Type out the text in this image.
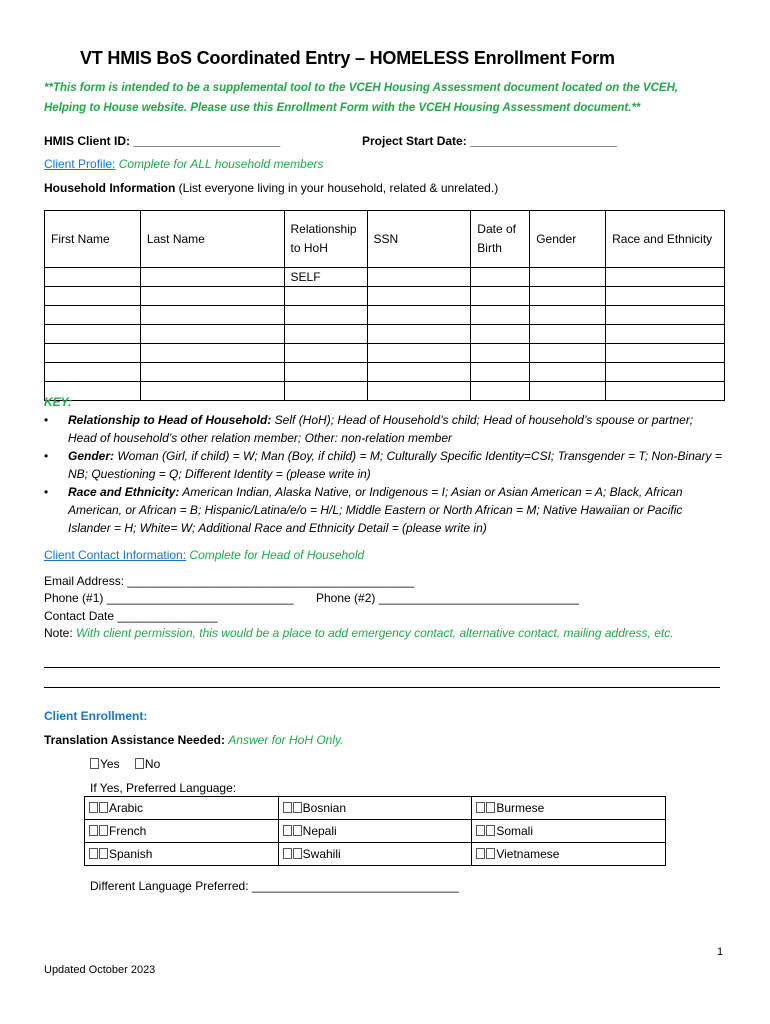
VT HMIS BoS Coordinated Entry – HOMELESS Enrollment Form
**This form is intended to be a supplemental tool to the VCEH Housing Assessment document located on the VCEH,
Helping to House website. Please use this Enrollment Form with the VCEH Housing Assessment document.**
HMIS Client ID: ______________________	Project Start Date: ______________________
Client Profile: Complete for ALL household members
Household Information (List everyone living in your household, related & unrelated.)
First Name	Last Name	Relationship to HoH	SSN	Date of Birth	Gender	Race and Ethnicity
		SELF				

KEY:
• Relationship to Head of Household: Self (HoH); Head of Household’s child; Head of household’s spouse or partner; Head of household’s other relation member; Other: non-relation member
• Gender: Woman (Girl, if child) = W; Man (Boy, if child) = M; Culturally Specific Identity=CSI; Transgender = T; Non-Binary = NB; Questioning = Q; Different Identity = (please write in)
• Race and Ethnicity: American Indian, Alaska Native, or Indigenous = I; Asian or Asian American = A; Black, African American, or African = B; Hispanic/Latina/e/o = H/L; Middle Eastern or North African = M; Native Hawaiian or Pacific Islander = H; White= W; Additional Race and Ethnicity Detail = (please write in)
Client Contact Information: Complete for Head of Household
Email Address: ___________________________________________
Phone (#1) ____________________________ Phone (#2) ______________________________
Contact Date _______________
Note: With client permission, this would be a place to add emergency contact, alternative contact, mailing address, etc.
Client Enrollment:
Translation Assistance Needed: Answer for HoH Only.
Yes No
If Yes, Preferred Language:
Arabic	Bosnian	Burmese
French	Nepali	Somali
Spanish	Swahili	Vietnamese
Different Language Preferred: _______________________________
1
Updated October 2023
